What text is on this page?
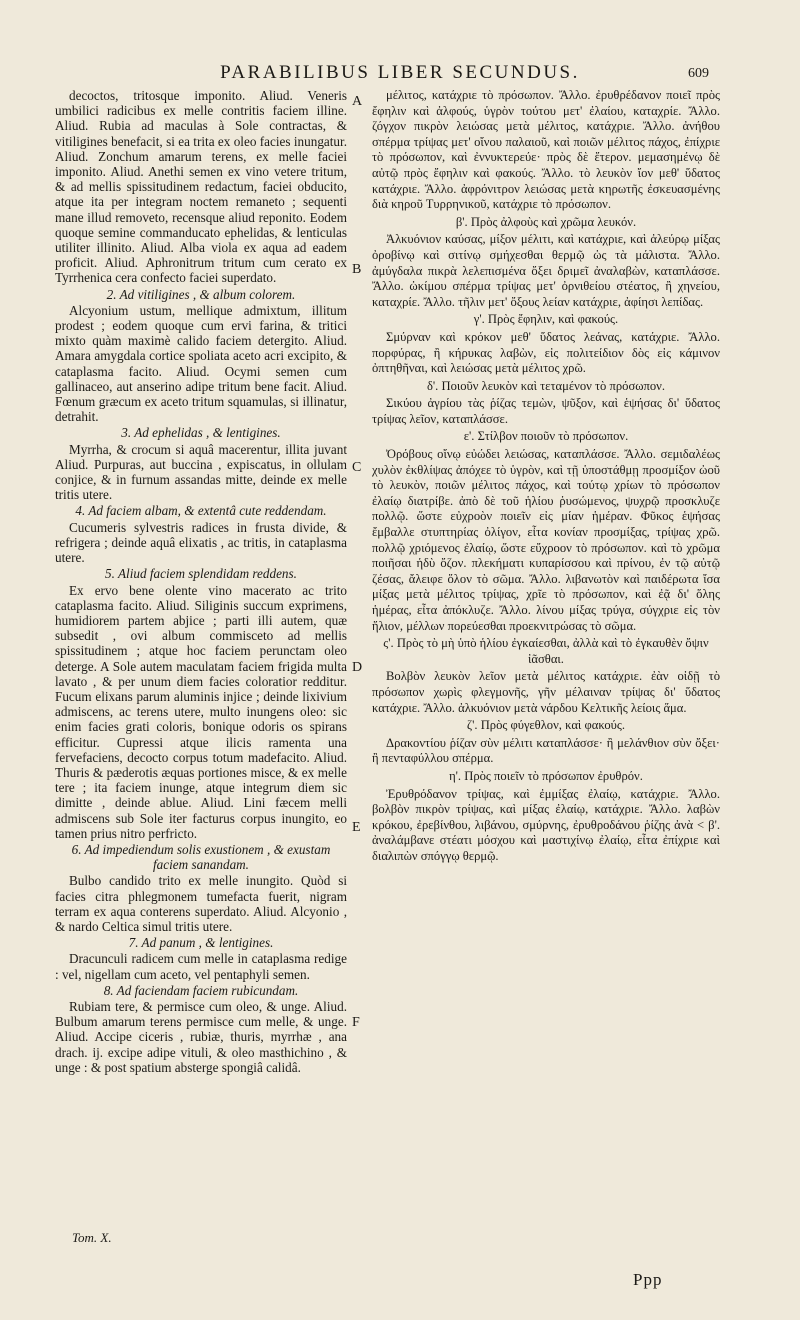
PARABILIBUS LIBER SECUNDUS.	609
decoctos, tritosque imponito. Aliud. Veneris umbilici radicibus ex melle contritis faciem illine. Aliud. Rubia ad maculas à Sole contractas, & vitiligines benefacit, si ea trita ex oleo facies inungatur. Aliud. Zonchum amarum terens, ex melle faciei imponito. Aliud. Anethi semen ex vino vetere tritum, & ad mellis spissitudinem redactum, faciei obducito, atque ita per integram noctem remaneto ; sequenti mane illud removeto, recensque aliud reponito. Eodem quoque semine commanducato ephelidas, & lenticulas utiliter illinito. Aliud. Alba viola ex aqua ad eadem proficit. Aliud. Aphronitrum tritum cum cerato ex Tyrrhenica cera confecto faciei superdato.
2. Ad vitiligines , & album colorem.
Alcyonium ustum, mellique admixtum, illitum prodest ; eodem quoque cum ervi farina, & tritici mixto quàm maximè calido faciem detergito. Aliud. Amara amygdala cortice spoliata aceto acri excipito, & cataplasma facito. Aliud. Ocymi semen cum gallinaceo, aut anserino adipe tritum bene facit. Aliud. Fœnum græcum ex aceto tritum squamulas, si illinatur, detrahit.
3. Ad ephelidas , & lentigines.
Myrrha, & crocum si aquâ macerentur, illita juvant Aliud. Purpuras, aut buccina , expiscatus, in ollulam conjice, & in furnum assandas mitte, deinde ex melle tritis utere.
4. Ad faciem albam, & extentâ cute reddendam.
Cucumeris sylvestris radices in frusta divide, & refrigera ; deinde aquâ elixatis , ac tritis, in cataplasma utere.
5. Aliud faciem splendidam reddens.
Ex ervo bene olente vino macerato ac trito cataplasma facito. Aliud. Siliginis succum exprimens, humidiorem partem abjice ; parti illi autem, quæ subsedit , ovi album commisceto ad mellis spissitudinem ; atque hoc faciem perunctam oleo deterge. A Sole autem maculatam faciem frigida multa lavato , & per unum diem facies coloratior redditur. Fucum elixans parum aluminis injice ; deinde lixivium admiscens, ac terens utere, multo inungens oleo: sic enim facies grati coloris, bonique odoris os spirans efficitur. Cupressi atque ilicis ramenta una fervefaciens, decocto corpus totum madefacito. Aliud. Thuris & pæderotis æquas portiones misce, & ex melle tere ; ita faciem inunge, atque integrum diem sic dimitte , deinde ablue. Aliud. Lini fæcem melli admiscens sub Sole iter facturus corpus inungito, eo tamen prius nitro perfricto.
6. Ad impediendum solis exustionem , & exustam faciem sanandam.
Bulbo candido trito ex melle inungito. Quòd si facies citra phlegmonem tumefacta fuerit, nigram terram ex aqua conterens superdato. Aliud. Alcyonio , & nardo Celtica simul tritis utere.
7. Ad panum , & lentigines.
Dracunculi radicem cum melle in cataplasma redige : vel, nigellam cum aceto, vel pentaphyli semen.
8. Ad faciendam faciem rubicundam.
Rubiam tere, & permisce cum oleo, & unge. Aliud. Bulbum amarum terens permisce cum melle, & unge. Aliud. Accipe ciceris , rubiæ, thuris, myrrhæ , ana drach. ij. excipe adipe vituli, & oleo masthichino , & unge : & post spatium absterge spongiâ calidâ.
μέλιτος, κατάχριε τὸ πρόσωπον. Ἄλλο. ἐρυθρέδανον ποιεῖ πρὸς ἔφηλιν καὶ ἀλφούς, ὑγρὸν τούτου μετ' ἐλαίου, καταχρίε. Ἄλλο. ζόγχον πικρὸν λειώσας μετὰ μέλιτος, κατάχριε. Ἄλλο. ἀνήθου σπέρμα τρίψας μετ' οἴνου παλαιοῦ, καὶ ποιῶν μέλιτος πάχος, ἐπίχριε τὸ πρόσωπον, καὶ ἐννυκτερεύε· πρὸς δὲ ἕτερον. μεμασημένῳ δὲ αὐτῷ πρὸς ἔφηλιν καὶ φακούς. Ἄλλο. τὸ λευκὸν ἴον μεθ' ὕδατος κατάχριε. Ἄλλο. ἀφρόνιτρον λειώσας μετὰ κηρωτῆς ἐσκευασμένης διὰ κηροῦ Τυρρηνικοῦ, κατάχριε τὸ πρόσωπον.
β'. Πρὸς ἀλφοὺς καὶ χρῶμα λευκόν.
Ἀλκυόνιον καύσας, μίξον μέλιτι, καὶ κατάχριε, καὶ ἀλεύρῳ μίξας ὀροβίνῳ καὶ σιτίνῳ σμήχεσθαι θερμῷ ὡς τὰ μάλιστα. Ἄλλο. ἀμύγδαλα πικρὰ λελεπισμένα ὄξει δριμεῖ ἀναλαβὼν, καταπλάσσε. Ἄλλο. ὠκίμου σπέρμα τρίψας μετ' ὀρνιθείου στέατος, ἢ χηνείου, καταχρίε. Ἄλλο. τῆλιν μετ' ὄξους λείαν κατάχριε, ἀφίησι λεπίδας.
γ'. Πρὸς ἔφηλιν, καὶ φακούς.
Σμύρναν καὶ κρόκον μεθ' ὕδατος λεάνας, κατάχριε. Ἄλλο. πορφύρας, ἢ κήρυκας λαβὼν, εἰς πολιτείδιον δὸς εἰς κάμινον ὀπτηθῆναι, καὶ λειώσας μετὰ μέλιτος χρῶ.
δ'. Ποιοῦν λευκὸν καὶ τεταμένον τὸ πρόσωπον.
Σικύου ἀγρίου τὰς ῥίζας τεμὼν, ψῦξον, καὶ ἑψήσας δι' ὕδατος τρίψας λεῖον, καταπλάσσε.
ε'. Στίλβον ποιοῦν τὸ πρόσωπον.
Ὀρόβους οἴνῳ εὐώδει λειώσας, καταπλάσσε. Ἄλλο. σεμιδαλέως χυλὸν ἐκθλίψας ἀπόχεε τὸ ὑγρὸν, καὶ τῇ ὑποστάθμῃ προσμίξον ὠοῦ τὸ λευκὸν, ποιῶν μέλιτος πάχος, καὶ τούτῳ χρίων τὸ πρόσωπον ἐλαίῳ διατρίβε. ἀπὸ δὲ τοῦ ἡλίου ῥυσώμενος, ψυχρῷ προσκλυζε πολλῷ. ὥστε εὐχροὸν ποιεῖν εἰς μίαν ἡμέραν. Φῦκος ἑψήσας ἔμβαλλε στυπτηρίας ὀλίγον, εἶτα κονίαν προσμίξας, τρίψας χρῶ. πολλῷ χριόμενος ἐλαίῳ, ὥστε εὔχροον τὸ πρόσωπον. καὶ τὸ χρῶμα ποιῆσαι ἡδὺ ὄζον. πλεκήματι κυπαρίσσου καὶ πρίνου, ἐν τῷ αὐτῷ ζέσας, ἄλειφε ὅλον τὸ σῶμα. Ἄλλο. λιβανωτὸν καὶ παιδέρωτα ἴσα μίξας μετὰ μέλιτος τρίψας, χρῖε τὸ πρόσωπον, καὶ ἐᾷ δι' ὅλης ἡμέρας, εἶτα ἀπόκλυζε. Ἄλλο. λίνου μίξας τρύγα, σύγχριε εἰς τὸν ἥλιον, μέλλων πορεύεσθαι προεκνιτρώσας τὸ σῶμα.
ς'. Πρὸς τὸ μὴ ὑπὸ ἡλίου ἐγκαίεσθαι, ἀλλὰ καὶ τὸ ἐγκαυθὲν ὄψιν ἰᾶσθαι.
Βολβὸν λευκὸν λεῖον μετὰ μέλιτος κατάχριε. ἐὰν οἰδῇ τὸ πρόσωπον χωρὶς φλεγμονῆς, γῆν μέλαιναν τρίψας δι' ὕδατος κατάχριε. Ἄλλο. ἀλκυόνιον μετὰ νάρδου Κελτικῆς λείοις ἅμα.
ζ'. Πρὸς φύγεθλον, καὶ φακούς.
Δρακοντίου ῥίζαν σὺν μέλιτι καταπλάσσε· ἢ μελάνθιον σὺν ὄξει· ἢ πενταφύλλου σπέρμα.
η'. Πρὸς ποιεῖν τὸ πρόσωπον ἐρυθρόν.
Ἐρυθρόδανον τρίψας, καὶ ἐμμίξας ἐλαίῳ, κατάχριε. Ἄλλο. βολβὸν πικρὸν τρίψας, καὶ μίξας ἐλαίῳ, κατάχριε. Ἄλλο. λαβὼν κρόκου, ἐρεβίνθου, λιβάνου, σμύρνης, ἐρυθροδάνου ῥίζης ἀνὰ < β'. ἀναλάμβανε στέατι μόσχου καὶ μαστιχίνῳ ἐλαίῳ, εἶτα ἐπίχριε καὶ διαλιπὼν σπόγγῳ θερμῷ.
A
B
C
D
E
F
Tom. X.
Ppp
